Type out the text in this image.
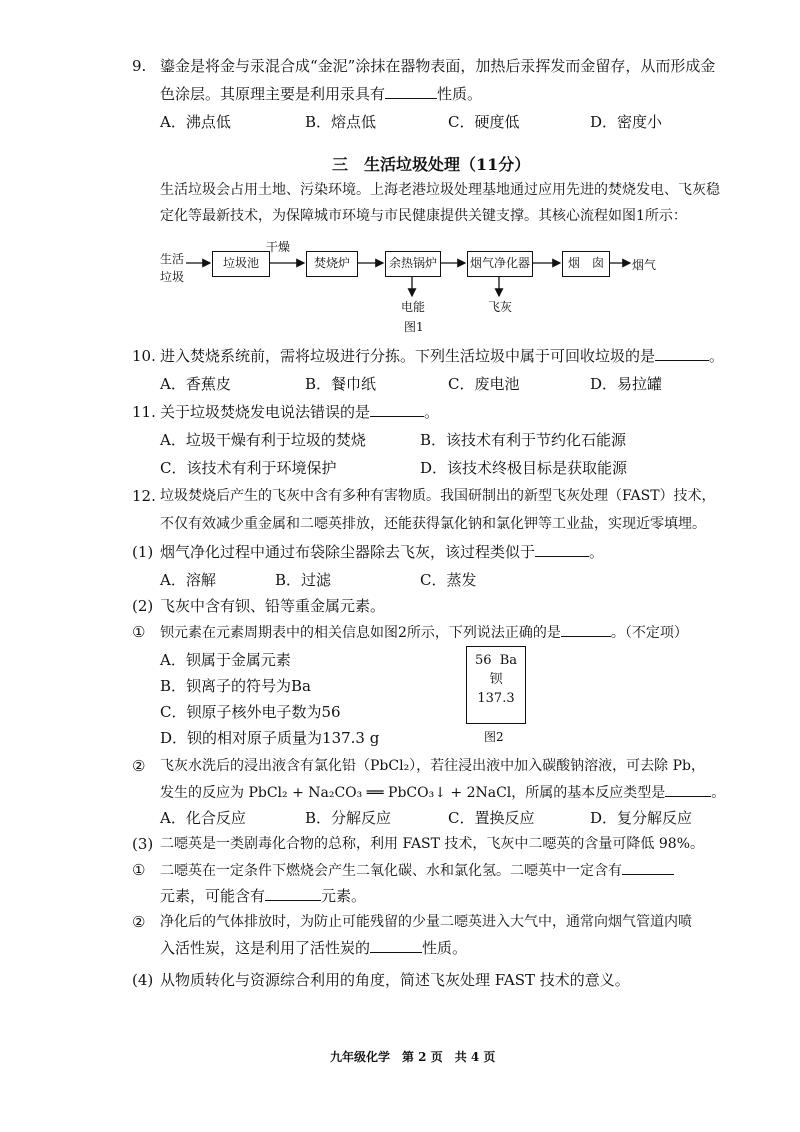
9. 鎏金是将金与汞混合成“金泥”涂抹在器物表面，加热后汞挥发而金留存，从而形成金
色涂层。其原理主要是利用汞具有	性质。
A．沸点低	B．熔点低	C．硬度低	D．密度小
三　生活垃圾处理（11分）
生活垃圾会占用土地、污染环境。上海老港垃圾处理基地通过应用先进的焚烧发电、飞灰稳
定化等最新技术，为保障城市环境与市民健康提供关键支撑。其核心流程如图1所示：
生活
垃圾
垃圾池	焚烧炉	余热锅炉	烟气净化器	烟　囱
干燥
烟气
电能	飞灰
图1
10. 进入焚烧系统前，需将垃圾进行分拣。下列生活垃圾中属于可回收垃圾的是	。
A．香蕉皮	B．餐巾纸	C．废电池	D．易拉罐
11. 关于垃圾焚烧发电说法错误的是	。
A．垃圾干燥有利于垃圾的焚烧	B．该技术有利于节约化石能源
C．该技术有利于环境保护	D．该技术终极目标是获取能源
12. 垃圾焚烧后产生的飞灰中含有多种有害物质。我国研制出的新型飞灰处理（FAST）技术，
不仅有效减少重金属和二噁英排放，还能获得氯化钠和氯化钾等工业盐，实现近零填埋。
(1) 烟气净化过程中通过布袋除尘器除去飞灰，该过程类似于	。
A．溶解	B．过滤	C．蒸发
(2) 飞灰中含有钡、铅等重金属元素。
① 钡元素在元素周期表中的相关信息如图2所示，下列说法正确的是	。（不定项）
A．钡属于金属元素
B．钡离子的符号为Ba
C．钡原子核外电子数为56
D．钡的相对原子质量为137.3 g
56 Ba
钡
137.3
图2
② 飞灰水洗后的浸出液含有氯化铅（PbCl₂），若往浸出液中加入碳酸钠溶液，可去除 Pb，
发生的反应为 PbCl₂ + Na₂CO₃ ══ PbCO₃↓ + 2NaCl，所属的基本反应类型是	。
A．化合反应	B．分解反应	C．置换反应	D．复分解反应
(3) 二噁英是一类剧毒化合物的总称，利用 FAST 技术，飞灰中二噁英的含量可降低 98%。
① 二噁英在一定条件下燃烧会产生二氧化碳、水和氯化氢。二噁英中一定含有
元素，可能含有	元素。
② 净化后的气体排放时，为防止可能残留的少量二噁英进入大气中，通常向烟气管道内喷
入活性炭，这是利用了活性炭的	性质。
(4) 从物质转化与资源综合利用的角度，简述飞灰处理 FAST 技术的意义。
九年级化学　第 2 页　共 4 页
